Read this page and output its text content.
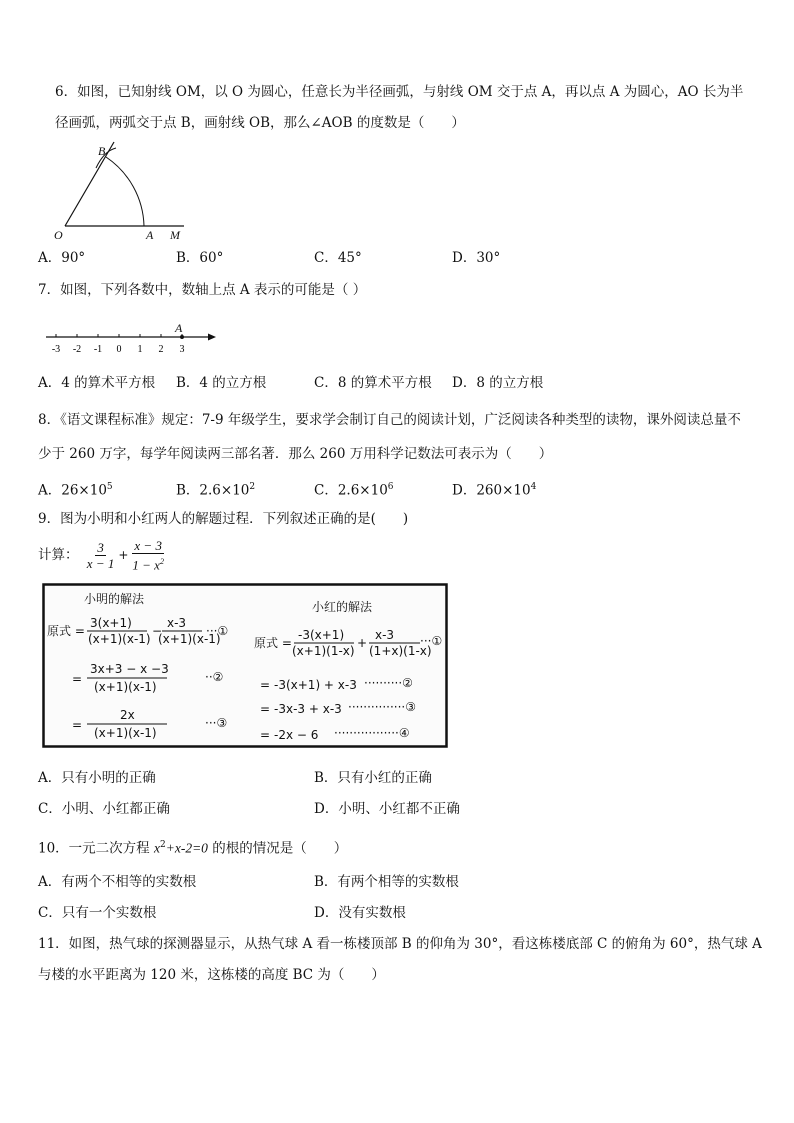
6．如图，已知射线 OM，以 O 为圆心，任意长为半径画弧，与射线 OM 交于点 A，再以点 A 为圆心，AO 长为半
径画弧，两弧交于点 B，画射线 OB，那么∠AOB 的度数是（　　）
B
O	A M
A．90°	B．60°	C．45°	D．30°
7．如图，下列各数中，数轴上点 A 表示的可能是（ ）
-3 -2 -1 0 1 2 3
A
A．4 的算术平方根 B．4 的立方根	C．8 的算术平方根 D．8 的立方根
8．《语文课程标准》规定：7-9 年级学生，要求学会制订自己的阅读计划，广泛阅读各种类型的读物，课外阅读总量不
少于 260 万字，每学年阅读两三部名著．那么 260 万用科学记数法可表示为（　　）
A．$26\times 10^5$	B．$2.6\times 10^2$	C．$2.6\times 10^6$	D．$260\times 10^4$
9．图为小明和小红两人的解题过程．下列叙述正确的是(　　)
计算： $\frac{3}{x - 1} + \frac{x - 3}{1 - x^2}$
小明的解法
原式 =
3(x+1)
(x+1)(x-1)
−
x-3
(x+1)(x-1)
···①
=
3x+3 − x −3
(x+1)(x-1)
··②
=
2x
(x+1)(x-1)
···③
小红的解法
原式 =
-3(x+1)
(x+1)(1-x)
+
x-3
(1+x)(1-x)
···①
= -3(x+1) + x-3 ··········②
= -3x-3 + x-3 ···············③
= -2x − 6 ·················④
A．只有小明的正确	B．只有小红的正确
C．小明、小红都正确	D．小明、小红都不正确
10．一元二次方程 $x^2+x-2=0$ 的根的情况是（　　）
A．有两个不相等的实数根	B．有两个相等的实数根
C．只有一个实数根	D．没有实数根
11．如图，热气球的探测器显示，从热气球 A 看一栋楼顶部 B 的仰角为 30°，看这栋楼底部 C 的俯角为 60°，热气球 A
与楼的水平距离为 120 米，这栋楼的高度 BC 为（　　）
